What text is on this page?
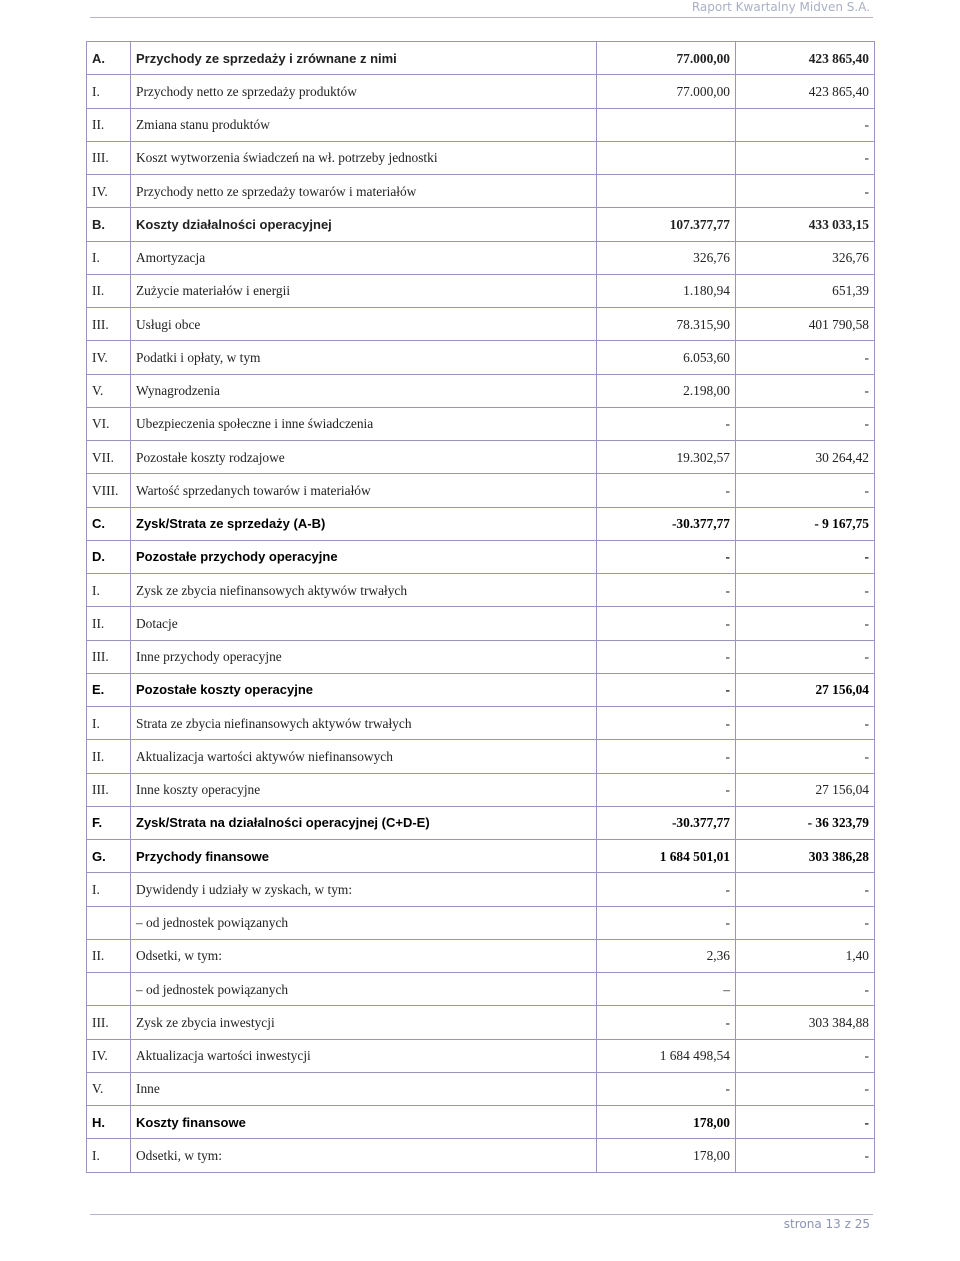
Raport Kwartalny Midven S.A.
A.	Przychody ze sprzedaży i zrównane z nimi	77.000,00	423 865,40
I.	Przychody netto ze sprzedaży produktów	77.000,00	423 865,40
II.	Zmiana stanu produktów		-
III.	Koszt wytworzenia świadczeń na wł. potrzeby jednostki		-
IV.	Przychody netto ze sprzedaży towarów i materiałów		-
B.	Koszty działalności operacyjnej	107.377,77	433 033,15
I.	Amortyzacja	326,76	326,76
II.	Zużycie materiałów i energii	1.180,94	651,39
III.	Usługi obce	78.315,90	401 790,58
IV.	Podatki i opłaty, w tym	6.053,60	-
V.	Wynagrodzenia	2.198,00	-
VI.	Ubezpieczenia społeczne i inne świadczenia	-	-
VII.	Pozostałe koszty rodzajowe	19.302,57	30 264,42
VIII.	Wartość sprzedanych towarów i materiałów	-	-
C.	Zysk/Strata ze sprzedaży (A-B)	-30.377,77	- 9 167,75
D.	Pozostałe przychody operacyjne	-	-
I.	Zysk ze zbycia niefinansowych aktywów trwałych	-	-
II.	Dotacje	-	-
III.	Inne przychody operacyjne	-	-
E.	Pozostałe koszty operacyjne	-	27 156,04
I.	Strata ze zbycia niefinansowych aktywów trwałych	-	-
II.	Aktualizacja wartości aktywów niefinansowych	-	-
III.	Inne koszty operacyjne	-	27 156,04
F.	Zysk/Strata na działalności operacyjnej (C+D-E)	-30.377,77	- 36 323,79
G.	Przychody finansowe	1 684 501,01	303 386,28
I.	Dywidendy i udziały w zyskach, w tym:	-	-
	– od jednostek powiązanych	-	-
II.	Odsetki, w tym:	2,36	1,40
	– od jednostek powiązanych	–	-
III.	Zysk ze zbycia inwestycji	-	303 384,88
IV.	Aktualizacja wartości inwestycji	1 684 498,54	-
V.	Inne	-	-
H.	Koszty finansowe	178,00	-
I.	Odsetki, w tym:	178,00	-
strona 13 z 25
